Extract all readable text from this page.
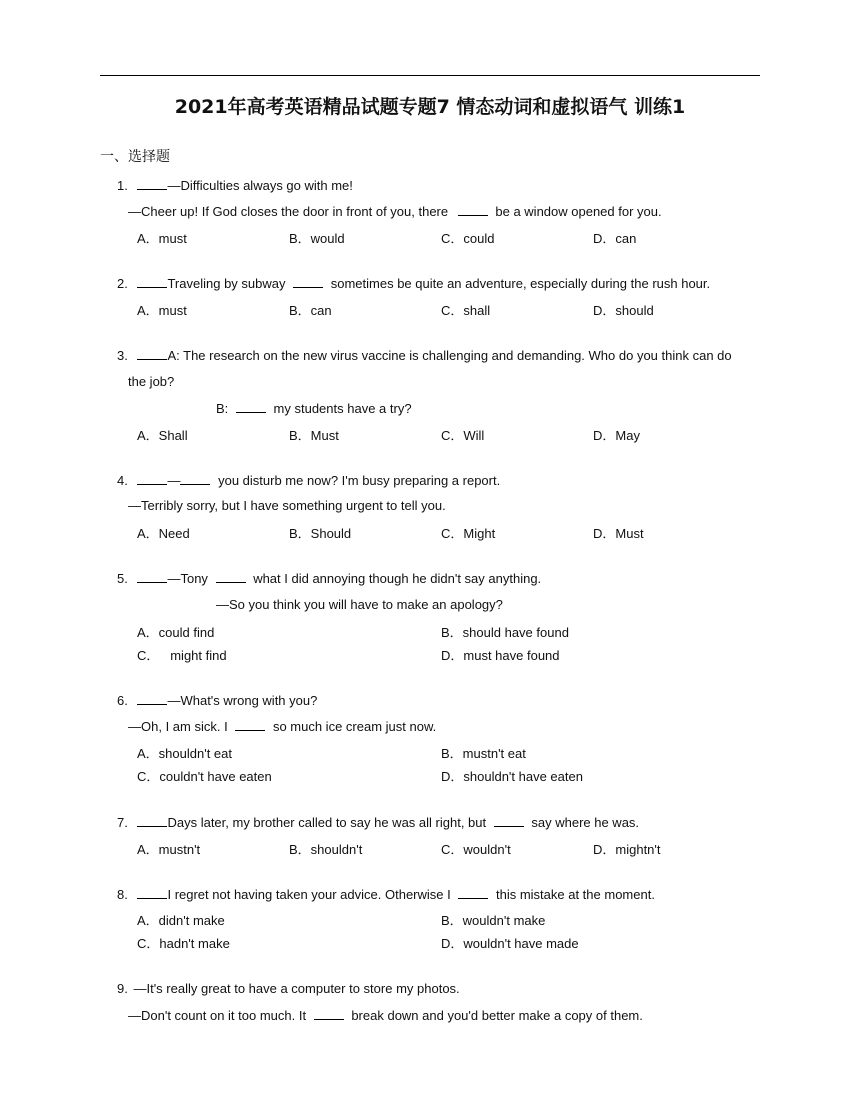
2021年高考英语精品试题专题7 情态动词和虚拟语气 训练1
一、选择题
1.	—Difficulties always go with me!
—Cheer up! If God closes the door in front of you, there	be a window opened for you.
A．must	B．would	C．could	D．can
2.	Traveling by subway	sometimes be quite an adventure, especially during the rush hour.
A．must	B．can	C．shall	D．should
3.	A: The research on the new virus vaccine is challenging and demanding. Who do you think can do
the job?
B:	my students have a try?
A．Shall	B．Must	C．Will	D．May
4.	—	you disturb me now? I'm busy preparing a report.
—Terribly sorry, but I have something urgent to tell you.
A．Need	B．Should	C．Might	D．Must
5.	—Tony	what I did annoying though he didn't say anything.
—So you think you will have to make an apology?
A．could find	B．should have found
C．   might find	D．must have found
6.	—What's wrong with you?
—Oh, I am sick. I	so much ice cream just now.
A．shouldn't eat	B．mustn't eat
C．couldn't have eaten	D．shouldn't have eaten
7.	Days later, my brother called to say he was all right, but	say where he was.
A．mustn't	B．shouldn't	C．wouldn't	D．mightn't
8.	I regret not having taken your advice. Otherwise I	this mistake at the moment.
A．didn't make	B．wouldn't make
C．hadn't make	D．wouldn't have made
9. —It's really great to have a computer to store my photos.
—Don't count on it too much. It	break down and you'd better make a copy of them.
